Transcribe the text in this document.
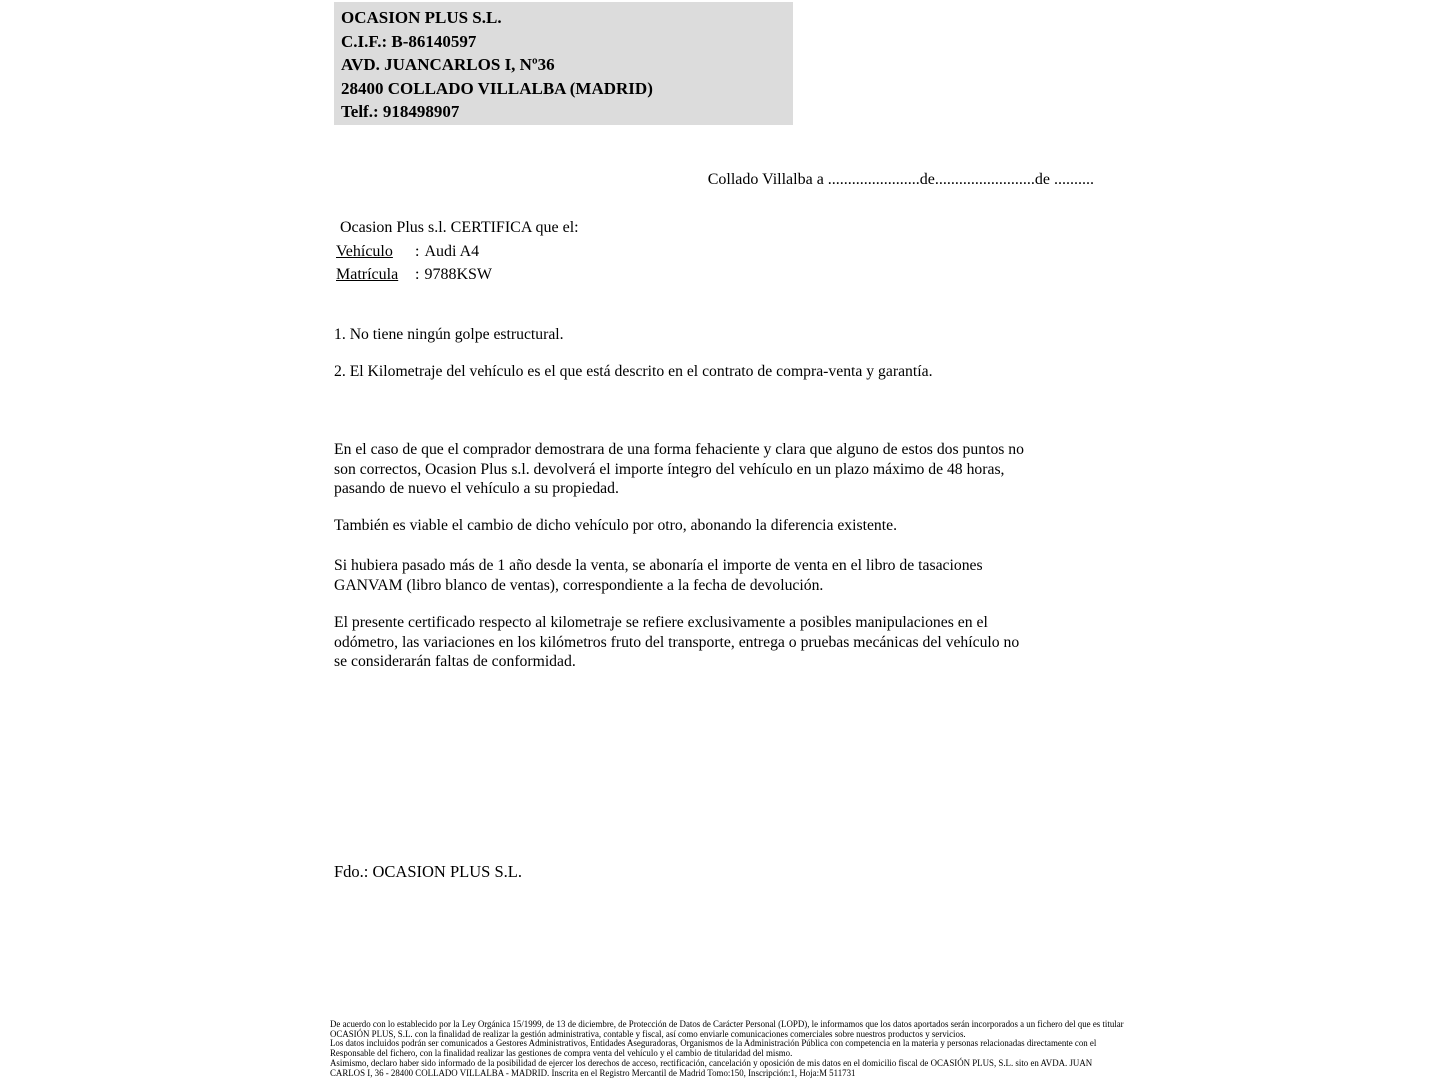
OCASION PLUS S.L.
C.I.F.: B-86140597
AVD. JUANCARLOS I, Nº36
28400 COLLADO VILLALBA (MADRID)
Telf.: 918498907
Collado Villalba a .......................de.........................de ..........
Ocasion Plus s.l. CERTIFICA que el:
Vehículo : Audi A4
Matrícula : 9788KSW
1. No tiene ningún golpe estructural.
2. El Kilometraje del vehículo es el que está descrito en el contrato de compra-venta y garantía.
En el caso de que el comprador demostrara de una forma fehaciente y clara que alguno de estos dos puntos no
son correctos, Ocasion Plus s.l. devolverá el importe íntegro del vehículo en un plazo máximo de 48 horas,
pasando de nuevo el vehículo a su propiedad.
También es viable el cambio de dicho vehículo por otro, abonando la diferencia existente.
Si hubiera pasado más de 1 año desde la venta, se abonaría el importe de venta en el libro de tasaciones
GANVAM (libro blanco de ventas), correspondiente a la fecha de devolución.
El presente certificado respecto al kilometraje se refiere exclusivamente a posibles manipulaciones en el
odómetro, las variaciones en los kilómetros fruto del transporte, entrega o pruebas mecánicas del vehículo no
se considerarán faltas de conformidad.
Fdo.: OCASION PLUS S.L.
De acuerdo con lo establecido por la Ley Orgánica 15/1999, de 13 de diciembre, de Protección de Datos de Carácter Personal (LOPD), le informamos que los datos aportados serán incorporados a un fichero del que es titular
OCASIÓN PLUS, S.L. con la finalidad de realizar la gestión administrativa, contable y fiscal, así como enviarle comunicaciones comerciales sobre nuestros productos y servicios.
Los datos incluidos podrán ser comunicados a Gestores Administrativos, Entidades Aseguradoras, Organismos de la Administración Pública con competencia en la materia y personas relacionadas directamente con el
Responsable del fichero, con la finalidad realizar las gestiones de compra venta del vehículo y el cambio de titularidad del mismo.
Asimismo, declaro haber sido informado de la posibilidad de ejercer los derechos de acceso, rectificación, cancelación y oposición de mis datos en el domicilio fiscal de OCASIÓN PLUS, S.L. sito en AVDA. JUAN
CARLOS I, 36 - 28400 COLLADO VILLALBA - MADRID. Inscrita en el Registro Mercantil de Madrid Tomo:150, Inscripción:1, Hoja:M 511731
